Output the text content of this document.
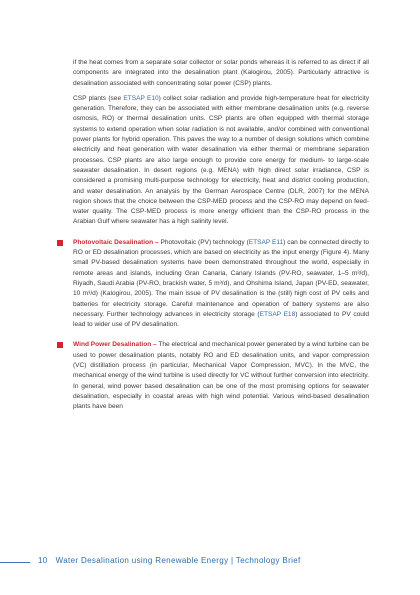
if the heat comes from a separate solar collector or solar ponds whereas it is referred to as direct if all components are integrated into the desalination plant (Kalogirou, 2005). Particularly attractive is desalination associated with concentrating solar power (CSP) plants.

CSP plants (see ETSAP E10) collect solar radiation and provide high-temperature heat for electricity generation. Therefore, they can be associated with either membrane desalination units (e.g. reverse osmosis, RO) or thermal desalination units. CSP plants are often equipped with thermal storage systems to extend operation when solar radiation is not available, and/or combined with conventional power plants for hybrid operation. This paves the way to a number of design solutions which combine electricity and heat generation with water desalination via either thermal or membrane separation processes. CSP plants are also large enough to provide core energy for medium- to large-scale seawater desalination. In desert regions (e.g. MENA) with high direct solar irradiance, CSP is considered a promising multi-purpose technology for electricity, heat and district cooling production, and water desalination. An analysis by the German Aerospace Centre (DLR, 2007) for the MENA region shows that the choice between the CSP-MED process and the CSP-RO may depend on feed-water quality. The CSP-MED process is more energy efficient than the CSP-RO process in the Arabian Gulf where seawater has a high salinity level.

Photovoltaic Desalination – Photovoltaic (PV) technology (ETSAP E11) can be connected directly to RO or ED desalination processes, which are based on electricity as the input energy (Figure 4). Many small PV-based desalination systems have been demonstrated throughout the world, especially in remote areas and islands, including Gran Canaria, Canary Islands (PV-RO, seawater, 1–5 m³/d), Riyadh, Saudi Arabia (PV-RO, brackish water, 5 m³/d), and Ohshima Island, Japan (PV-ED, seawater, 10 m³/d) (Kalogirou, 2005). The main issue of PV desalination is the (still) high cost of PV cells and batteries for electricity storage. Careful maintenance and operation of battery systems are also necessary. Further technology advances in electricity storage (ETSAP E18) associated to PV could lead to wider use of PV desalination.
Wind Power Desalination – The electrical and mechanical power generated by a wind turbine can be used to power desalination plants, notably RO and ED desalination units, and vapor compression (VC) distillation process (in particular, Mechanical Vapor Compression, MVC). In the MVC, the mechanical energy of the wind turbine is used directly for VC without further conversion into electricity. In general, wind power based desalination can be one of the most promising options for seawater desalination, especially in coastal areas with high wind potential. Various wind-based desalination plants have been
10 Water Desalination using Renewable Energy | Technology Brief
